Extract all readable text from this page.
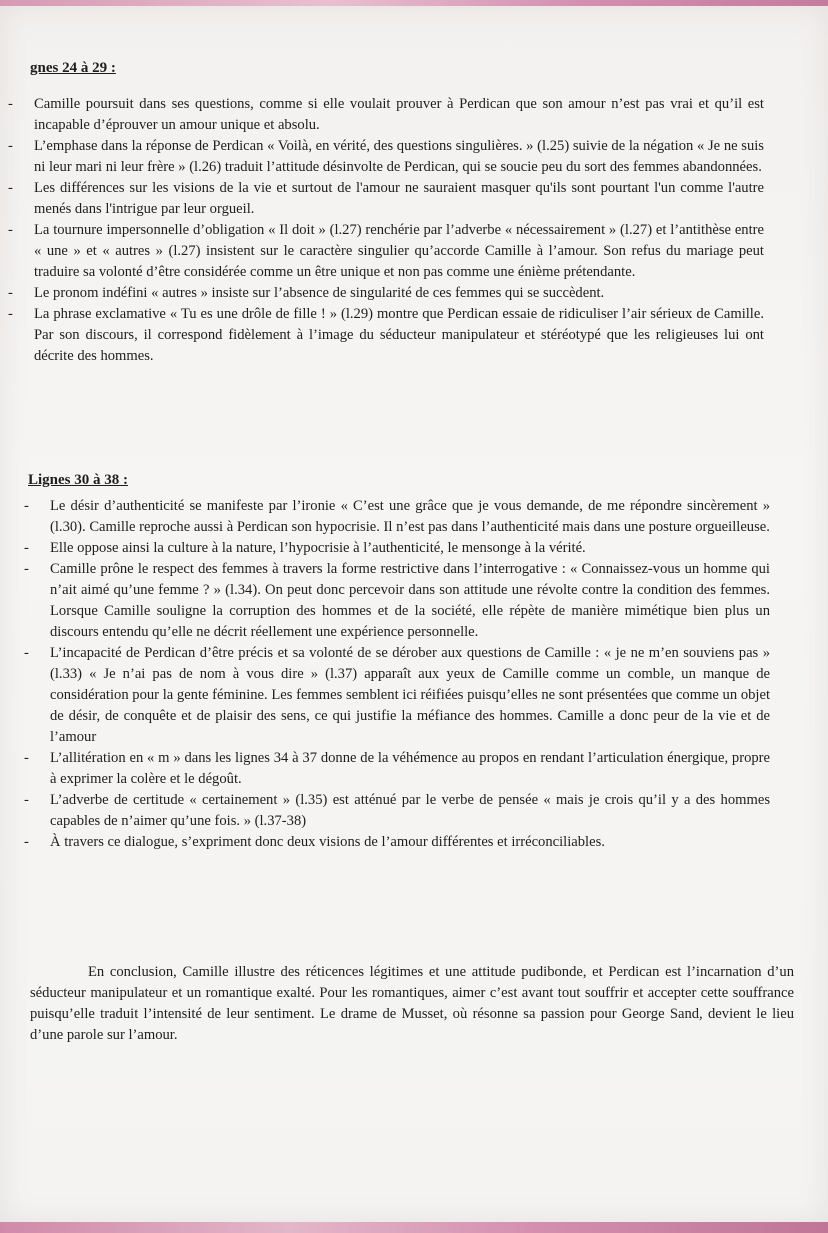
gnes 24 à 29 :
- Camille poursuit dans ses questions, comme si elle voulait prouver à Perdican que son amour n’est pas vrai et qu’il est incapable d’éprouver un amour unique et absolu.
- L’emphase dans la réponse de Perdican « Voilà, en vérité, des questions singulières. » (l.25) suivie de la négation « Je ne suis ni leur mari ni leur frère » (l.26) traduit l’attitude désinvolte de Perdican, qui se soucie peu du sort des femmes abandonnées.
- Les différences sur les visions de la vie et surtout de l'amour ne sauraient masquer qu'ils sont pourtant l'un comme l'autre menés dans l'intrigue par leur orgueil.
- La tournure impersonnelle d’obligation « Il doit » (l.27) renchérie par l’adverbe « nécessairement » (l.27) et l’antithèse entre « une » et « autres » (l.27) insistent sur le caractère singulier qu’accorde Camille à l’amour. Son refus du mariage peut traduire sa volonté d’être considérée comme un être unique et non pas comme une énième prétendante.
- Le pronom indéfini « autres » insiste sur l’absence de singularité de ces femmes qui se succèdent.
- La phrase exclamative « Tu es une drôle de fille ! » (l.29) montre que Perdican essaie de ridiculiser l’air sérieux de Camille. Par son discours, il correspond fidèlement à l’image du séducteur manipulateur et stéréotypé que les religieuses lui ont décrite des hommes.
Lignes 30 à 38 :
- Le désir d’authenticité se manifeste par l’ironie « C’est une grâce que je vous demande, de me répondre sincèrement » (l.30). Camille reproche aussi à Perdican son hypocrisie. Il n’est pas dans l’authenticité mais dans une posture orgueilleuse.
- Elle oppose ainsi la culture à la nature, l’hypocrisie à l’authenticité, le mensonge à la vérité.
- Camille prône le respect des femmes à travers la forme restrictive dans l’interrogative : « Connaissez-vous un homme qui n’ait aimé qu’une femme ? » (l.34). On peut donc percevoir dans son attitude une révolte contre la condition des femmes. Lorsque Camille souligne la corruption des hommes et de la société, elle répète de manière mimétique bien plus un discours entendu qu’elle ne décrit réellement une expérience personnelle.
- L’incapacité de Perdican d’être précis et sa volonté de se dérober aux questions de Camille : « je ne m’en souviens pas » (l.33) « Je n’ai pas de nom à vous dire » (l.37) apparaît aux yeux de Camille comme un comble, un manque de considération pour la gente féminine. Les femmes semblent ici réifiées puisqu’elles ne sont présentées que comme un objet de désir, de conquête et de plaisir des sens, ce qui justifie la méfiance des hommes. Camille a donc peur de la vie et de l’amour
- L’allitération en « m » dans les lignes 34 à 37 donne de la véhémence au propos en rendant l’articulation énergique, propre à exprimer la colère et le dégoût.
- L’adverbe de certitude « certainement » (l.35) est atténué par le verbe de pensée « mais je crois qu’il y a des hommes capables de n’aimer qu’une fois. » (l.37-38)
- À travers ce dialogue, s’expriment donc deux visions de l’amour différentes et irréconciliables.
En conclusion, Camille illustre des réticences légitimes et une attitude pudibonde, et Perdican est l’incarnation d’un séducteur manipulateur et un romantique exalté. Pour les romantiques, aimer c’est avant tout souffrir et accepter cette souffrance puisqu’elle traduit l’intensité de leur sentiment. Le drame de Musset, où résonne sa passion pour George Sand, devient le lieu d’une parole sur l’amour.
